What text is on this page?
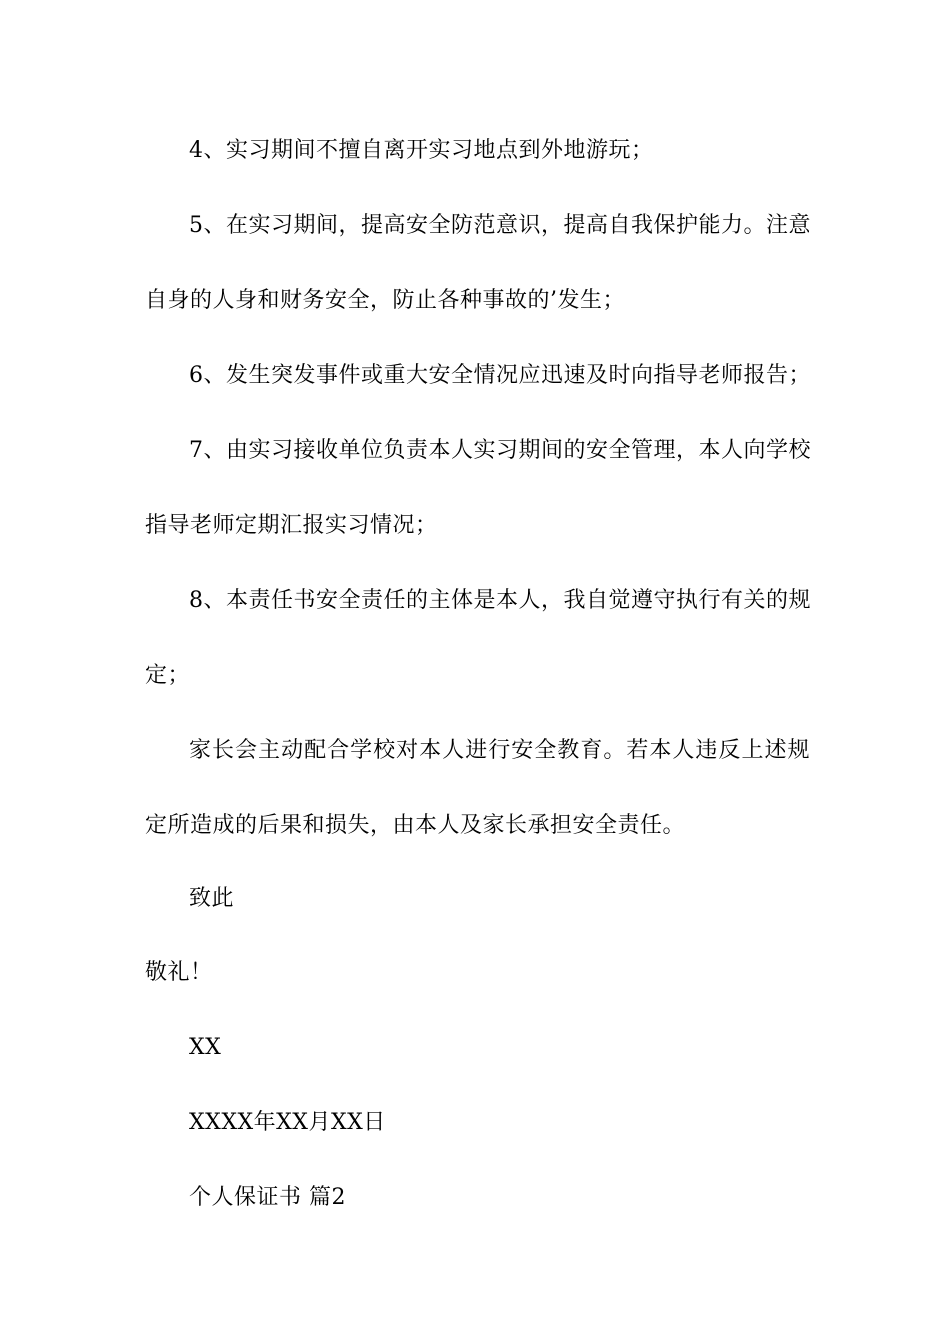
4、实习期间不擅自离开实习地点到外地游玩；
5、在实习期间，提高安全防范意识，提高自我保护能力。注意
自身的人身和财务安全，防止各种事故的’发生；
6、发生突发事件或重大安全情况应迅速及时向指导老师报告；
7、由实习接收单位负责本人实习期间的安全管理，本人向学校
指导老师定期汇报实习情况；
8、本责任书安全责任的主体是本人，我自觉遵守执行有关的规
定；
家长会主动配合学校对本人进行安全教育。若本人违反上述规
定所造成的后果和损失，由本人及家长承担安全责任。
致此
敬礼！
XX
XXXX年XX月XX日
个人保证书 篇2
